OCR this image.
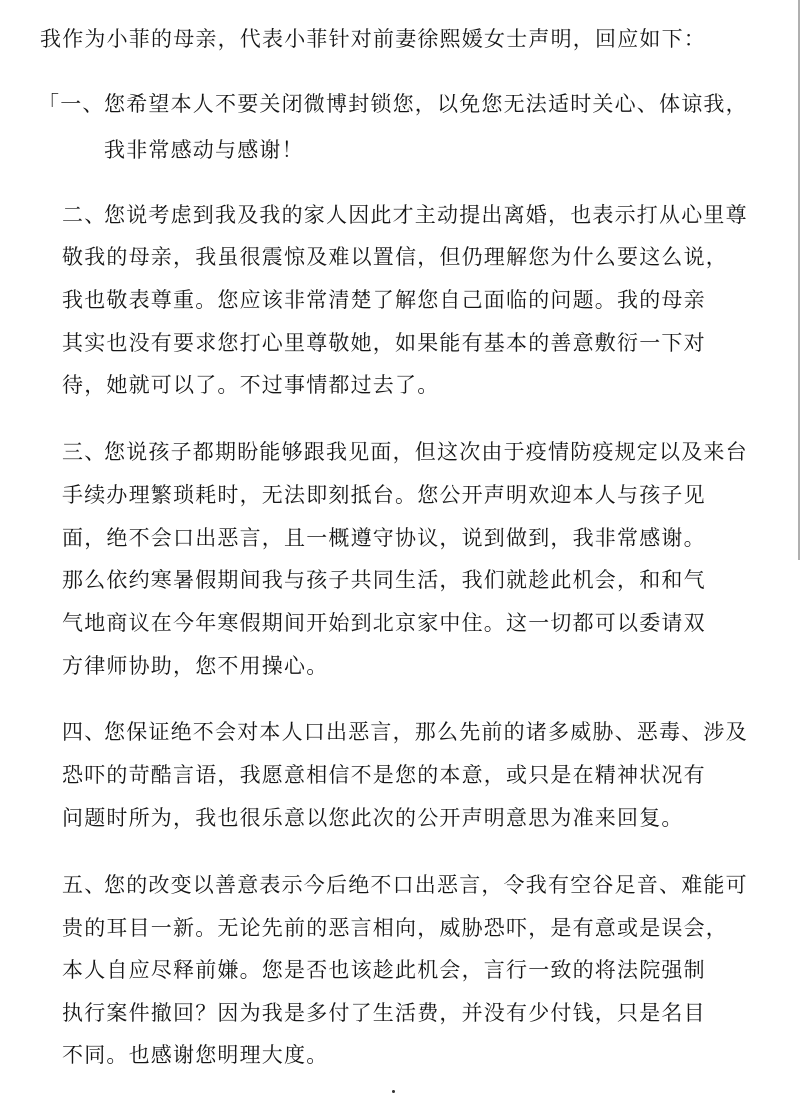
我作为小菲的母亲，代表小菲针对前妻徐熙媛女士声明，回应如下：
「一、 您希望本人不要关闭微博封锁您，以免您无法适时关心、体谅我，
我非常感动与感谢！
二、
您说考虑到我及我的家人因此才主动提出离婚，也表示打从心里尊
敬我的母亲，我虽很震惊及难以置信，但仍理解您为什么要这么说，
我也敬表尊重。您应该非常清楚了解您自己面临的问题。我的母亲
其实也没有要求您打心里尊敬她，如果能有基本的善意敷衍一下对
待，她就可以了。不过事情都过去了。
三、
您说孩子都期盼能够跟我见面，但这次由于疫情防疫规定以及来台
手续办理繁琐耗时，无法即刻抵台。您公开声明欢迎本人与孩子见
面，绝不会口出恶言，且一概遵守协议，说到做到，我非常感谢。
那么依约寒暑假期间我与孩子共同生活，我们就趁此机会，和和气
气地商议在今年寒假期间开始到北京家中住。这一切都可以委请双
方律师协助，您不用操心。
四、
您保证绝不会对本人口出恶言，那么先前的诸多威胁、恶毒、涉及
恐吓的苛酷言语，我愿意相信不是您的本意，或只是在精神状况有
问题时所为，我也很乐意以您此次的公开声明意思为准来回复。
五、
您的改变以善意表示今后绝不口出恶言，令我有空谷足音、难能可
贵的耳目一新。无论先前的恶言相向，威胁恐吓，是有意或是误会，
本人自应尽释前嫌。您是否也该趁此机会，言行一致的将法院强制
执行案件撤回？因为我是多付了生活费，并没有少付钱，只是名目
不同。也感谢您明理大度。
